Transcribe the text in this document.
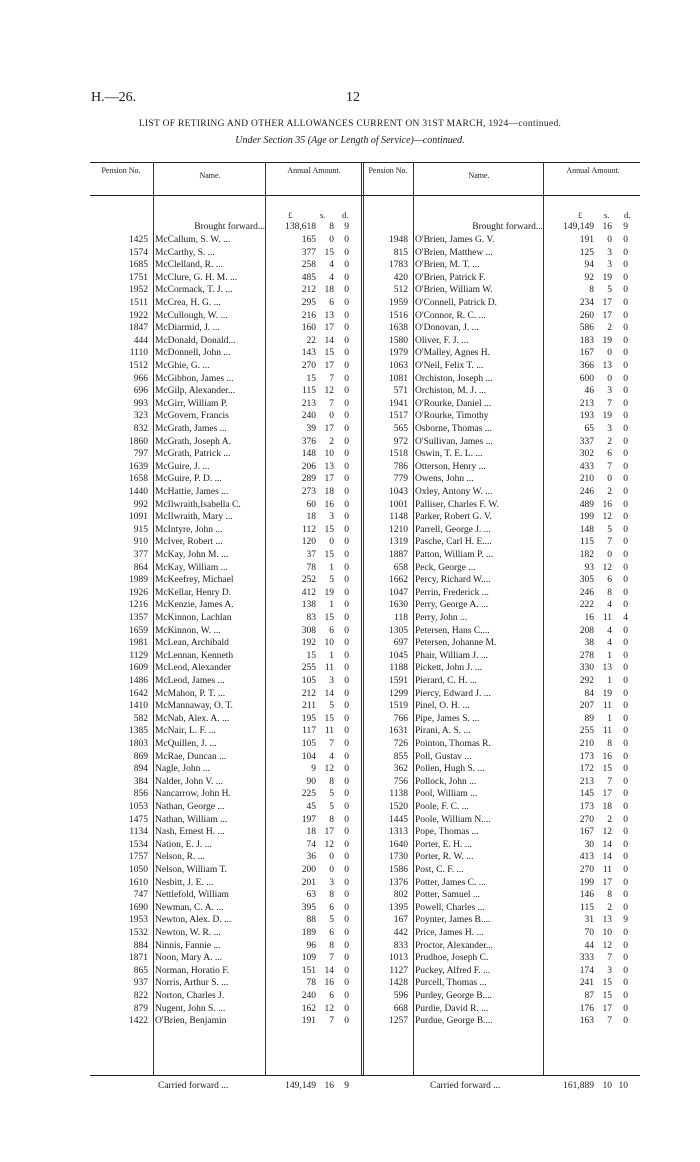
H.—26.	12
LIST OF RETIRING AND OTHER ALLOWANCES CURRENT ON 31ST MARCH, 1924—continued.
Under Section 35 (Age or Length of Service)—continued.
Pension No.
Name.
Annual Amount.	Pension No.
Name.
Annual Amount.
£	s. d.	£	s. d.
Brought forward...	138,618	8	9	Brought forward...	149,149 16	9
1425 McCallum, S. W. ...	165	0	0
1574 McCarthy, S. ...	377 15	0
1685 McClelland, R. ...	258	4	0
1751 McClure, G. H. M. ...	485	4	0
1952 McCormack, T. J. ...	212 18	0
1511 McCrea, H. G. ...	295	6	0
1922 McCullough, W. ...	216 13	0
1847 McDiarmid, J. ...	160 17	0
444 McDonald, Donald...	22 14	0
1110 McDonnell, John ...	143 15	0
1512 McGhie, G. ...	270 17	0
966 McGibbon, James ...	15	7	0
696 McGilp, Alexander...	115 12	0
993 McGirr, William P.	213	7	0
323 McGovern, Francis	240	0	0
832 McGrath, James ...	39 17	0
1860 McGrath, Joseph A.	376	2	0
797 McGrath, Patrick ...	148 10	0
1639 McGuire, J. ...	206 13	0
1658 McGuire, P. D. ...	289 17	0
1440 McHattie, James ...	273 18	0
992 McIlwraith,Isabella C.	60 16	0
1091 McIlwraith, Mary ...	18	3	0
915 McIntyre, John ...	112 15	0
910 McIver, Robert ...	120	0	0
377 McKay, John M. ...	37 15	0
864 McKay, William ...	78	1	0
1989 McKeefrey, Michael	252	5	0
1926 McKellar, Henry D.	412 19	0
1216 McKenzie, James A.	138	1	0
1357 McKinnon, Lachlan	83 15	0
1659 McKinnon, W. ...	308	6	0
1981 McLean, Archibald	192 10	0
1129 McLennan, Kenneth	15	1	0
1609 McLeod, Alexander	255 11	0
1486 McLeod, James ...	105	3	0
1642 McMahon, P. T. ...	212 14	0
1410 McMannaway, O. T.	211	5	0
582 McNab, Alex. A. ...	195 15	0
1385 McNair, L. F. ...	117 11	0
1803 McQuillen, J. ...	105	7	0
869 McRae, Duncan ...	104	4	0
894 Nagle, John ...	9 12	0
384 Nalder, John V. ...	90	8	0
856 Nancarrow, John H.	225	5	0
1053 Nathan, George ...	45	5	0
1475 Nathan, William ...	197	8	0
1134 Nash, Ernest H. ...	18 17	0
1534 Nation, E. J. ...	74 12	0
1757 Nelson, R. ...	36	0	0
1050 Nelson, William T.	200	0	0
1610 Nesbitt, J. E. ...	201	3	0
747 Nettlefold, William	63	8	0
1690 Newman, C. A. ...	395	6	0
1953 Newton, Alex. D. ...	88	5	0
1532 Newton, W. R. ...	189	6	0
884 Ninnis, Fannie ...	96	8	0
1871 Noon, Mary A. ...	109	7	0
865 Norman, Horatio F.	151 14	0
937 Norris, Arthur S. ...	78 16	0
822 Norton, Charles J.	240	6	0
879 Nugent, John S. ...	162 12	0
1422 O'Brien, Benjamin	191	7	0
1948 O'Brien, James G. V.	191	0	0
815 O'Brien, Matthew ...	125	3	0
1783 O'Brien, M. T. ...	94	3	0
420 O'Brien, Patrick F.	92 19	0
512 O'Brien, William W.	8	5	0
1959 O'Connell, Patrick D.	234 17	0
1516 O'Connor, R. C. ...	260 17	0
1638 O'Donovan, J. ...	586	2	0
1580 Oliver, F. J. ...	183 19	0
1979 O'Malley, Agnes H.	167	0	0
1063 O'Neil, Felix T. ...	366 13	0
1081 Orchiston, Joseph ...	600	0	0
571 Orchiston, M. J. ...	46	3	0
1941 O'Rourke, Daniel ...	213	7	0
1517 O'Rourke, Timothy	193 19	0
565 Osborne, Thomas ...	65	3	0
972 O'Sullivan, James ...	337	2	0
1518 Oswin, T. E. L. ...	302	6	0
786 Otterson, Henry ...	433	7	0
779 Owens, John ...	210	0	0
1043 Oxley, Antony W. ...	246	2	0
1001 Palliser, Charles F. W.	489 16	0
1148 Parker, Robert G. V.	199 12	0
1210 Parrell, George J. ...	148	5	0
1319 Pasche, Carl H. E....	115	7	0
1887 Patton, William P. ...	182	0	0
658 Peck, George ...	93 12	0
1662 Percy, Richard W....	305	6	0
1047 Perrin, Frederick ...	246	8	0
1630 Perry, George A. ...	222	4	0
118 Perry, John ...	16 11	4
1305 Petersen, Hans C....	208	4	0
697 Petersen, Johanne M.	38	4	0
1045 Phair, William J. ...	278	1	0
1188 Pickett, John J. ...	330 13	0
1591 Pierard, C. H. ...	292	1	0
1299 Piercy, Edward J. ...	84 19	0
1519 Pinel, O. H. ...	207 11	0
766 Pipe, James S. ...	89	1	0
1631 Pirani, A. S. ...	255 11	0
726 Pointon, Thomas R.	210	8	0
855 Poll, Gustav ...	173 16	0
362 Pollen, Hugh S. ...	172 15	0
756 Pollock, John ...	213	7	0
1138 Pool, William ...	145 17	0
1520 Poole, F. C. ...	173 18	0
1445 Poole, William N....	270	2	0
1313 Pope, Thomas ...	167 12	0
1640 Porter, E. H. ...	30 14	0
1730 Porter, R. W. ...	413 14	0
1586 Post, C. F. ...	270 11	0
1376 Potter, James C. ...	199 17	0
802 Potter, Samuel ...	146	8	0
1395 Powell, Charles ...	115	2	0
167 Poynter, James B....	31 13	9
442 Price, James H. ...	70 10	0
833 Proctor, Alexander...	44 12	0
1013 Prudhoe, Joseph C.	333	7	0
1127 Puckey, Alfred F. ...	174	3	0
1428 Purcell, Thomas ...	241 15	0
596 Purdey, George B....	87 15	0
668 Purdie, David R. ...	176 17	0
1257 Purdue, George B....	163	7	0
Carried forward ...	149,149 16	9	Carried forward ...	161,889 10 10
